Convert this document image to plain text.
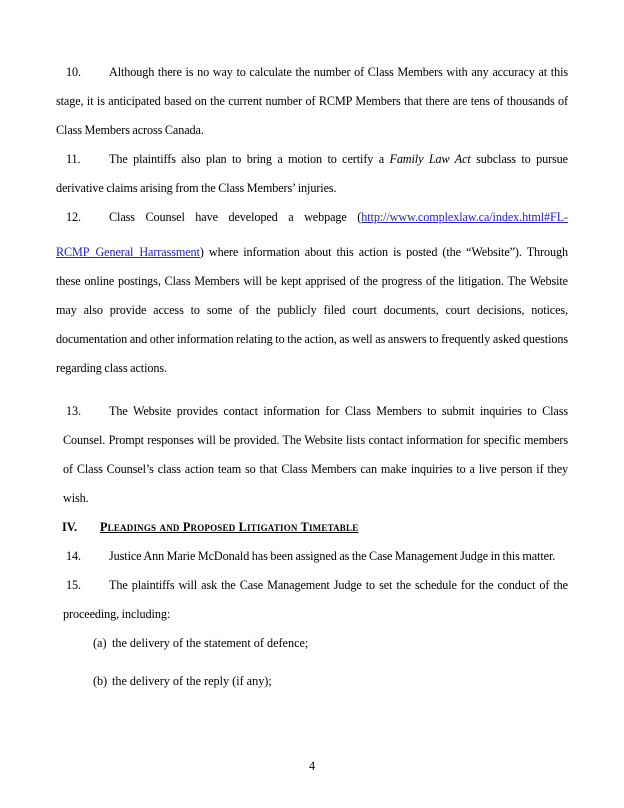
10. Although there is no way to calculate the number of Class Members with any accuracy at this stage, it is anticipated based on the current number of RCMP Members that there are tens of thousands of Class Members across Canada.

11. The plaintiffs also plan to bring a motion to certify a Family Law Act subclass to pursue derivative claims arising from the Class Members’ injuries.

12. Class Counsel have developed a webpage (http://www.complexlaw.ca/index.html#FL-
RCMP_General_Harrassment) where information about this action is posted (the “Website”). Through these online postings, Class Members will be kept apprised of the progress of the litigation. The Website may also provide access to some of the publicly filed court documents, court decisions, notices, documentation and other information relating to the action, as well as answers to frequently asked questions regarding class actions.

13. The Website provides contact information for Class Members to submit inquiries to Class Counsel. Prompt responses will be provided. The Website lists contact information for specific members of Class Counsel’s class action team so that Class Members can make inquiries to a live person if they wish.

IV. Pleadings and Proposed Litigation Timetable

14. Justice Ann Marie McDonald has been assigned as the Case Management Judge in this matter.

15. The plaintiffs will ask the Case Management Judge to set the schedule for the conduct of the proceeding, including:

(a) the delivery of the statement of defence;
(b) the delivery of the reply (if any);
4
